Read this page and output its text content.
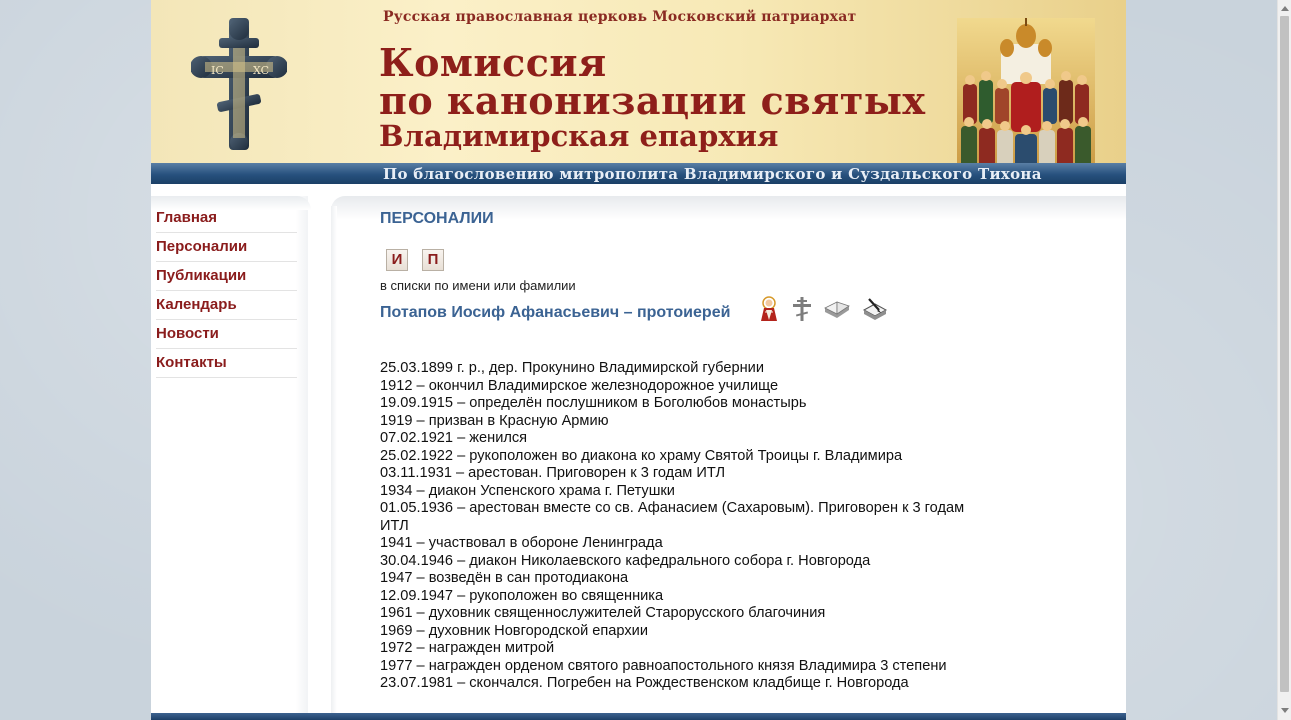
IC	XC
Русская православная церковь Московский патриархат
Комиссия
по канонизации святых
Владимирская епархия
По благословению митрополита Владимирского и Суздальского Тихона
Главная
Персоналии
Публикации
Календарь
Новости
Контакты
ПЕРСОНАЛИИ
И	П
в списки по имени или фамилии
Потапов Иосиф Афанасьевич – протоиерей
25.03.1899 г. р., дер. Прокунино Владимирской губернии
1912 – окончил Владимирское железнодорожное училище
19.09.1915 – определён послушником в Боголюбов монастырь
1919 – призван в Красную Армию
07.02.1921 – женился
25.02.1922 – рукоположен во диакона ко храму Святой Троицы г. Владимира
03.11.1931 – арестован. Приговорен к 3 годам ИТЛ
1934 – диакон Успенского храма г. Петушки
01.05.1936 – арестован вместе со св. Афанасием (Сахаровым). Приговорен к 3 годам ИТЛ
1941 – участвовал в обороне Ленинграда
30.04.1946 – диакон Николаевского кафедрального собора г. Новгорода
1947 – возведён в сан протодиакона
12.09.1947 – рукоположен во священника
1961 – духовник священнослужителей Старорусского благочиния
1969 – духовник Новгородской епархии
1972 – награжден митрой
1977 – награжден орденом святого равноапостольного князя Владимира 3 степени
23.07.1981 – скончался. Погребен на Рождественском кладбище г. Новгорода
